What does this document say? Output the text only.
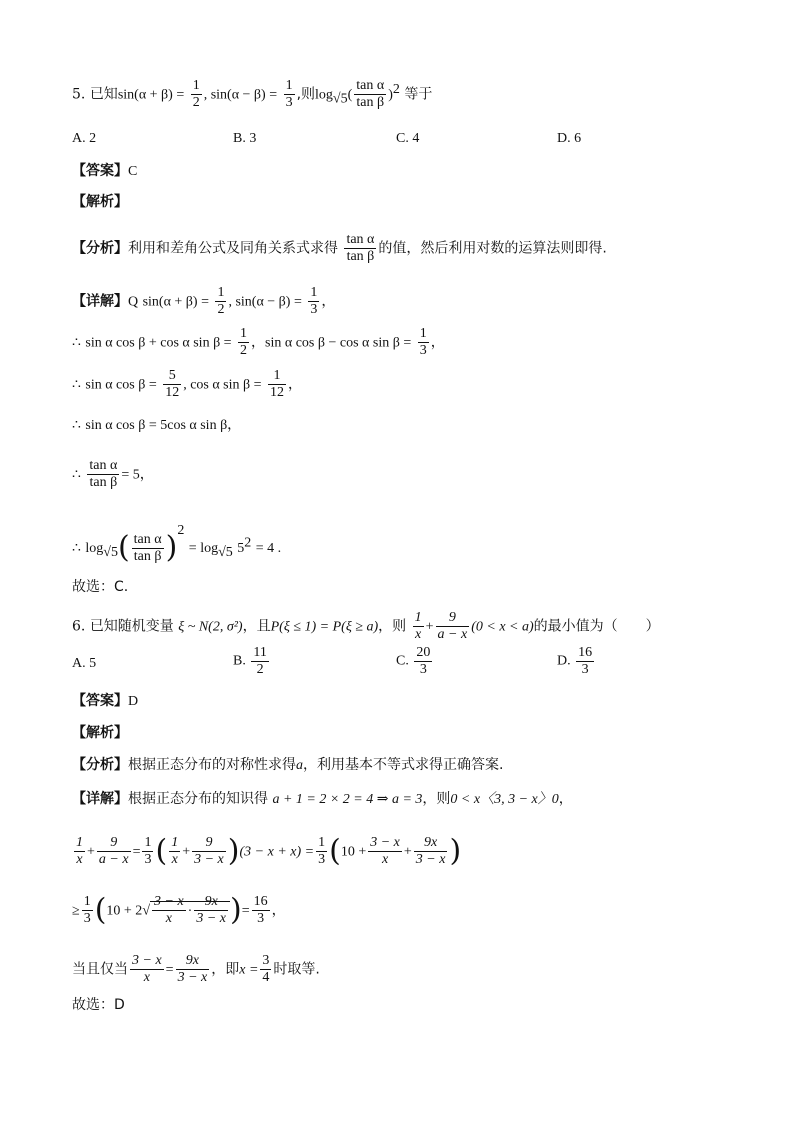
5. 已知$\sin(\alpha + \beta) = \frac{1}{2}$ , $\sin(\alpha - \beta) = \frac{1}{3}$ ,则$\log_{√5}( \frac{\text{tan α}}{\text{tan β}} )^2$ 等于
A. 2	B. 3	C. 4	D. 6
【答案】C
【解析】
【分析】利用和差角公式及同角关系式求得 $\frac{\text{tan α}}{\text{tan β}}$ 的值，然后利用对数的运算法则即得.
【详解】Q $\sin(\alpha + \beta) = \frac{1}{2}$ , $\sin(\alpha - \beta) = \frac{1}{3}$ ，
∴ sin α cos β + cos α $\sin \beta = \frac{1}{2}$ ，sin α cos β − cos α $\sin \beta = \frac{1}{3}$ ，
∴ sin α $\cos \beta = \frac{5}{12}$ , cos α $\sin \beta = \frac{1}{12}$ ，
∴ sin α cos β = 5cos α sin β，
∴ $\frac{\text{tan α}}{\text{tan β}} = 5$，
∴ $\log_{√5}( \frac{\text{tan α}}{\text{tan β}} )^2 = \log_{√5} 5^2 = 4$ .
故选：C.
6. 已知随机变量 ξ ~ N(2, σ²)，且P(ξ ≤ 1) = P(ξ ≥ a)，则 $\frac{1}{x} + \frac{9}{a - x} (0 < x < a)$的最小值为（　　）
A. 5	B. $\frac{11}{2}$	C. $\frac{20}{3}$	D. $\frac{16}{3}$
【答案】D
【解析】
【分析】根据正态分布的对称性求得a，利用基本不等式求得正确答案.
【详解】根据正态分布的知识得 a + 1 = 2 × 2 = 4 ⇒ a = 3，则0 < x〈3, 3 − x〉0，
$\frac{1}{x} + \frac{9}{a - x} = \frac{1}{3}$ ( $\frac{1}{x} + \frac{9}{3 - x} )(3 - x + x) = \frac{1}{3} (10 + \frac{3 - x}{x} + \frac{9x}{3 - x}$ )
≥ $\frac{1}{3} (10 + 2√ \frac{3 - x}{x} \cdot \frac{9x}{3 - x}$ )= $\frac{16}{3}$ ，
当且仅当 $\frac{3 - x}{x} = \frac{9x}{3 - x}$ ，即$x = \frac{3}{4}$ 时取等.
故选：D
